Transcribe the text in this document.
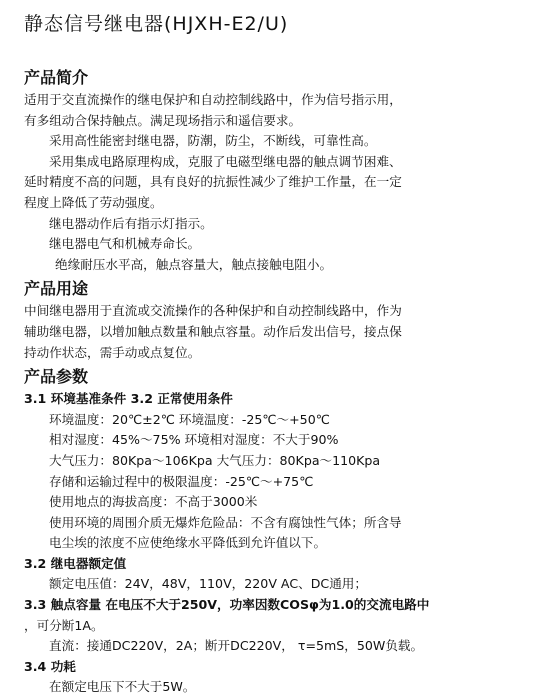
静态信号继电器(HJXH-E2/U)
产品简介
适用于交直流操作的继电保护和自动控制线路中，作为信号指示用，
有多组动合保持触点。满足现场指示和遥信要求。
采用高性能密封继电器，防潮，防尘，不断线，可靠性高。
采用集成电路原理构成，克服了电磁型继电器的触点调节困难、
延时精度不高的问题，具有良好的抗振性减少了维护工作量，在一定
程度上降低了劳动强度。
继电器动作后有指示灯指示。
继电器电气和机械寿命长。
绝缘耐压水平高，触点容量大，触点接触电阻小。
产品用途
中间继电器用于直流或交流操作的各种保护和自动控制线路中，作为
辅助继电器，以增加触点数量和触点容量。动作后发出信号，接点保
持动作状态，需手动或点复位。
产品参数
3.1 环境基准条件 3.2 正常使用条件
环境温度：20℃±2℃ 环境温度：-25℃～+50℃
相对湿度：45%～75% 环境相对湿度：不大于90%
大气压力：80Kpa～106Kpa 大气压力：80Kpa～110Kpa
存储和运输过程中的极限温度：-25℃～+75℃
使用地点的海拔高度：不高于3000米
使用环境的周围介质无爆炸危险品：不含有腐蚀性气体；所含导
电尘埃的浓度不应使绝缘水平降低到允许值以下。
3.2 继电器额定值
额定电压值：24V，48V，110V，220V AC、DC通用；
3.3 触点容量 在电压不大于250V，功率因数COSφ为1.0的交流电路中
，可分断1A。
直流：接通DC220V，2A；断开DC220V， τ=5mS，50W负载。
3.4 功耗
在额定电压下不大于5W。
